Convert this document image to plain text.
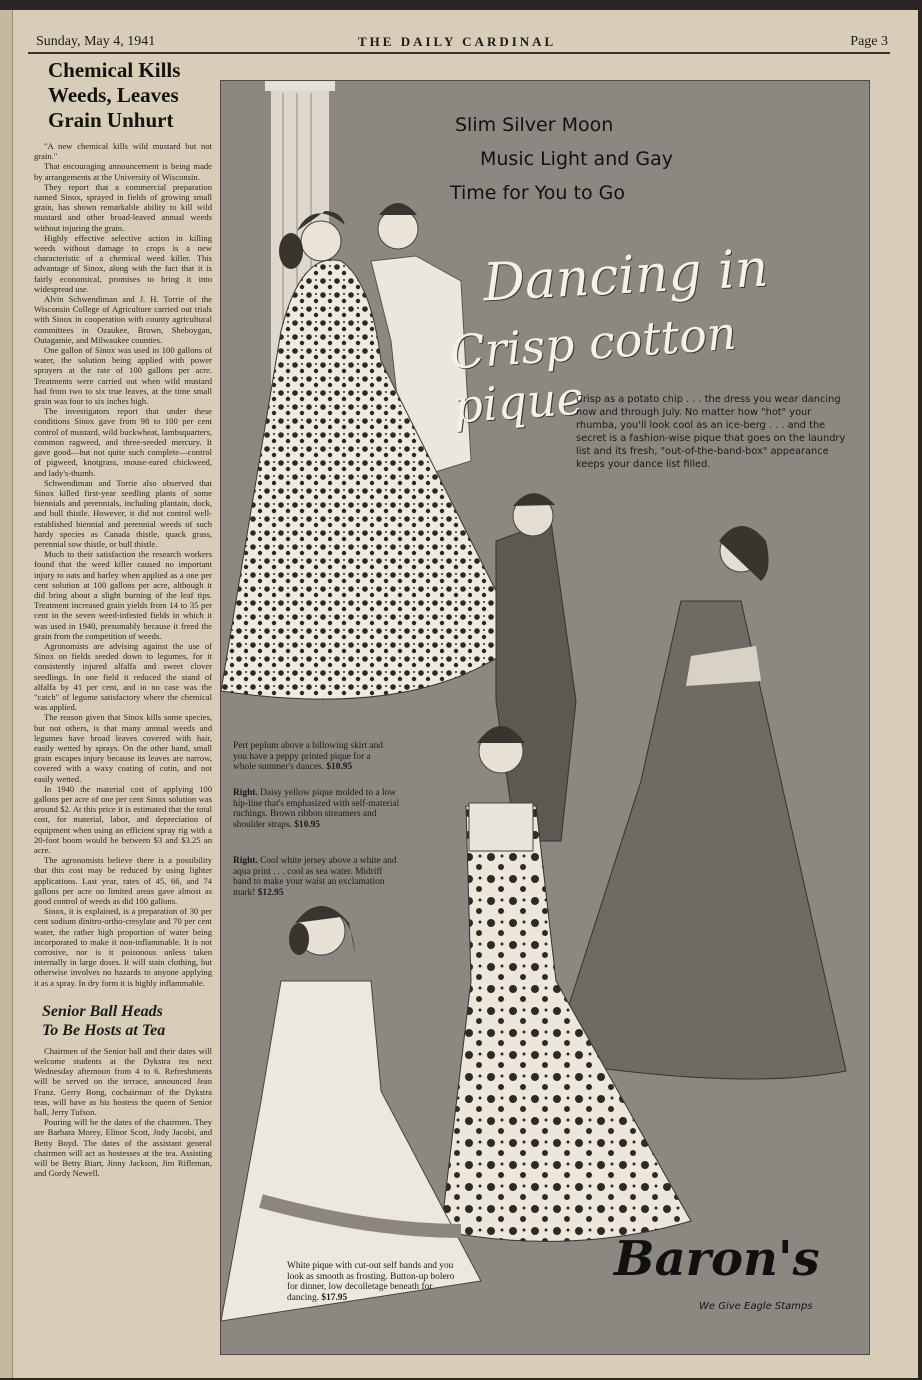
Sunday, May 4, 1941	THE DAILY CARDINAL	Page 3
Chemical Kills
Weeds, Leaves
Grain Unhurt

"A new chemical kills wild mustard but not grain."

That encouraging announcement is being made by arrangements at the University of Wisconsin.

They report that a commercial preparation named Sinox, sprayed in fields of growing small grain, has shown remarkable ability to kill wild mustard and other broad-leaved annual weeds without injuring the grain.

Highly effective selective action in killing weeds without damage to crops is a new characteristic of a chemical weed killer. This advantage of Sinox, along with the fact that it is fairly economical, promises to bring it into widespread use.

Alvin Schwendiman and J. H. Torrie of the Wisconsin College of Agriculture carried out trials with Sinox in cooperation with county agricultural committees in Ozaukee, Brown, Sheboygan, Outagamie, and Milwaukee counties.

One gallon of Sinox was used in 100 gallons of water, the solution being applied with power sprayers at the rate of 100 gallons per acre. Treatments were carried out when wild mustard had from two to six true leaves, at the time small grain was four to six inches high.

The investigators report that under these conditions Sinox gave from 98 to 100 per cent control of mustard, wild buckwheat, lambsquarters, common ragweed, and three-seeded mercury. It gave good—but not quite such complete—control of pigweed, knotgrass, mouse-eared chickweed, and lady's-thumb.

Schwendiman and Torrie also observed that Sinox killed first-year seedling plants of some biennials and perennials, including plantain, dock, and bull thistle. However, it did not control well-established biennial and perennial weeds of such hardy species as Canada thistle, quack grass, perennial sow thistle, or bull thistle.

Much to their satisfaction the research workers found that the weed killer caused no important injury to oats and barley when applied as a one per cent solution at 100 gallons per acre, although it did bring about a slight burning of the leaf tips. Treatment increased grain yields from 14 to 35 per cent in the seven weed-infested fields in which it was used in 1940, presumably because it freed the grain from the competition of weeds.

Agronomists are advising against the use of Sinox on fields seeded down to legumes, for it consistently injured alfalfa and sweet clover seedlings. In one field it reduced the stand of alfalfa by 41 per cent, and in no case was the "catch" of legume satisfactory where the chemical was applied.

The reason given that Sinox kills some species, but not others, is that many annual weeds and legumes have broad leaves covered with hair, easily wetted by sprays. On the other hand, small grain escapes injury because its leaves are narrow, covered with a waxy coating of cutin, and not easily wetted.

In 1940 the material cost of applying 100 gallons per acre of one per cent Sinox solution was around $2. At this price it is estimated that the total cost, for material, labor, and depreciation of equipment when using an efficient spray rig with a 20-foot boom would be between $3 and $3.25 an acre.

The agronomists believe there is a possibility that this cost may be reduced by using lighter applications. Last year, rates of 45, 66, and 74 gallons per acre on limited areas gave almost as good control of weeds as did 100 gallons.

Sinox, it is explained, is a preparation of 30 per cent sodium dinitro-ortho-cresylate and 70 per cent water, the rather high proportion of water being incorporated to make it non-inflammable. It is not corrosive, nor is it poisonous unless taken internally in large doses. It will stain clothing, but otherwise involves no hazards to anyone applying it as a spray. In dry form it is highly inflammable.

Senior Ball Heads
To Be Hosts at Tea

Chairmen of the Senior ball and their dates will welcome students at the Dykstra tea next Wednesday afternoon from 4 to 6. Refreshments will be served on the terrace, announced Jean Franz. Gerry Bong, cochairman of the Dykstra teas, will have as his hostess the queen of Senior ball, Jerry Tufson.

Pouring will be the dates of the chairmen. They are Barbara Morey, Elinor Scott, Jody Jacobi, and Betty Boyd. The dates of the assistant general chairmen will act as hostesses at the tea. Assisting will be Betty Biart, Jinny Jackson, Jim Rifleman, and Gordy Newell.

Slim Silver Moon
Music Light and Gay
Time for You to Go
Dancing in
Crisp cotton pique
Crisp as a potato chip . . . the dress you wear dancing now and through July. No matter how "hot" your rhumba, you'll look cool as an ice-berg . . . and the secret is a fashion-wise pique that goes on the laundry list and its fresh, "out-of-the-band-box" appearance keeps your dance list filled.
Pert peplum above a billowing skirt and you have a peppy printed pique for a whole summer's dances. $10.95
Right. Daisy yellow pique molded to a low hip-line that's emphasized with self-material ruchings. Brown ribbon streamers and shoulder straps. $10.95
Right. Cool white jersey above a white and aqua print . . . cool as sea water. Midriff band to make your waist an exclamation mark! $12.95
White pique with cut-out self bands and you look as smooth as frosting. Button-up bolero for dinner, low decolletage beneath for dancing. $17.95
Baron's
We Give Eagle Stamps
